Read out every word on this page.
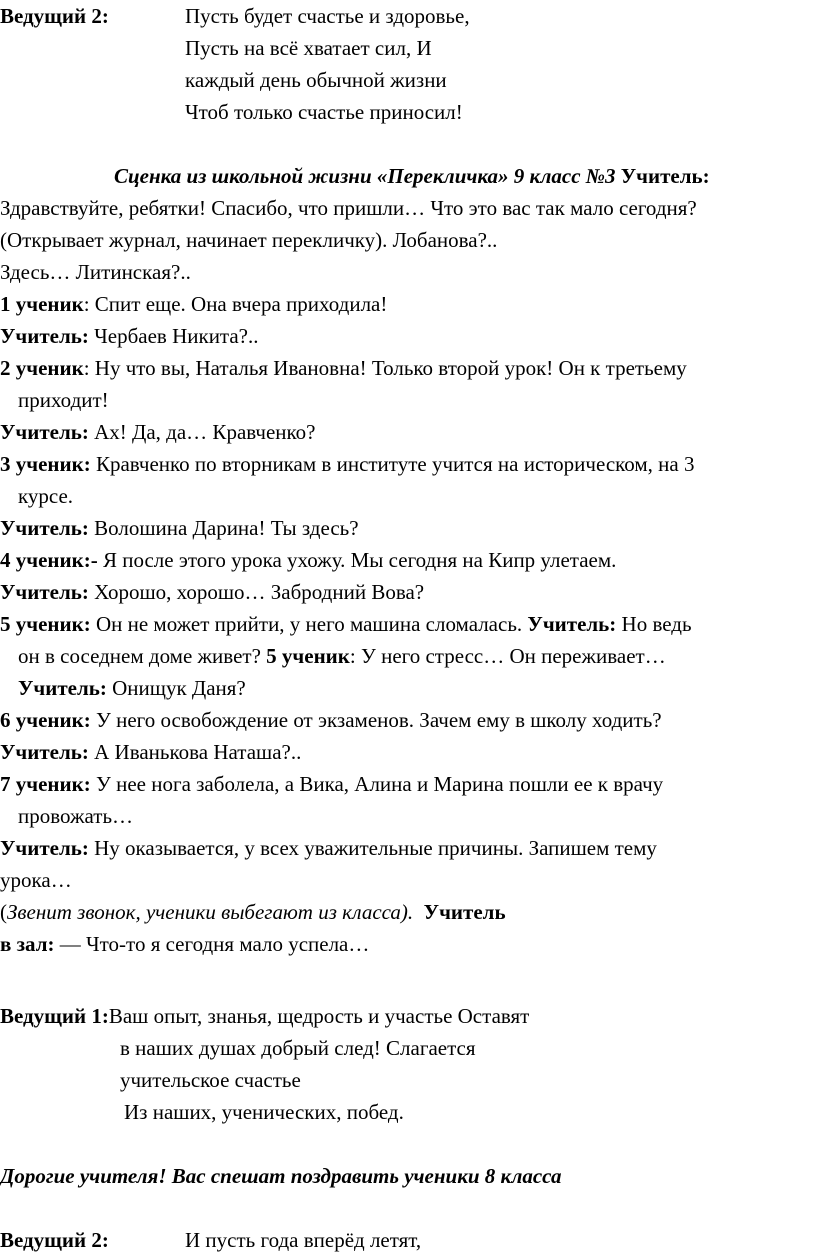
Ведущий 2:	Пусть будет счастье и здоровье,
Пусть на всё хватает сил, И
каждый день обычной жизни
Чтоб только счастье приносил!
Сценка из школьной жизни «Перекличка» 9 класс №3 Учитель:
Здравствуйте, ребятки! Спасибо, что пришли… Что это вас так мало сегодня?
(Открывает журнал, начинает перекличку). Лобанова?..
Здесь… Литинская?..
1 ученик: Спит еще. Она вчера приходила!
Учитель: Чербаев Никита?..
2 ученик: Ну что вы, Наталья Ивановна! Только второй урок! Он к третьему
приходит!
Учитель: Ах! Да, да… Кравченко?
3 ученик: Кравченко по вторникам в институте учится на историческом, на 3
курсе.
Учитель: Волошина Дарина! Ты здесь?
4 ученик:- Я после этого урока ухожу. Мы сегодня на Кипр улетаем.
Учитель: Хорошо, хорошо… Забродний Вова?
5 ученик: Он не может прийти, у него машина сломалась. Учитель: Но ведь
он в соседнем доме живет? 5 ученик: У него стресс… Он переживает…
Учитель: Онищук Даня?
6 ученик: У него освобождение от экзаменов. Зачем ему в школу ходить?
Учитель: А Иванькова Наташа?..
7 ученик: У нее нога заболела, а Вика, Алина и Марина пошли ее к врачу
провожать…
Учитель: Ну оказывается, у всех уважительные причины. Запишем тему
урока…
(Звенит звонок, ученики выбегают из класса). Учитель
в зал: — Что-то я сегодня мало успела…
Ведущий 1:Ваш опыт, знанья, щедрость и участье Оставят
в наших душах добрый след! Слагается
учительское счастье
Из наших, ученических, побед.
Дорогие учителя! Вас спешат поздравить ученики 8 класса
Ведущий 2:	И пусть года вперёд летят,
